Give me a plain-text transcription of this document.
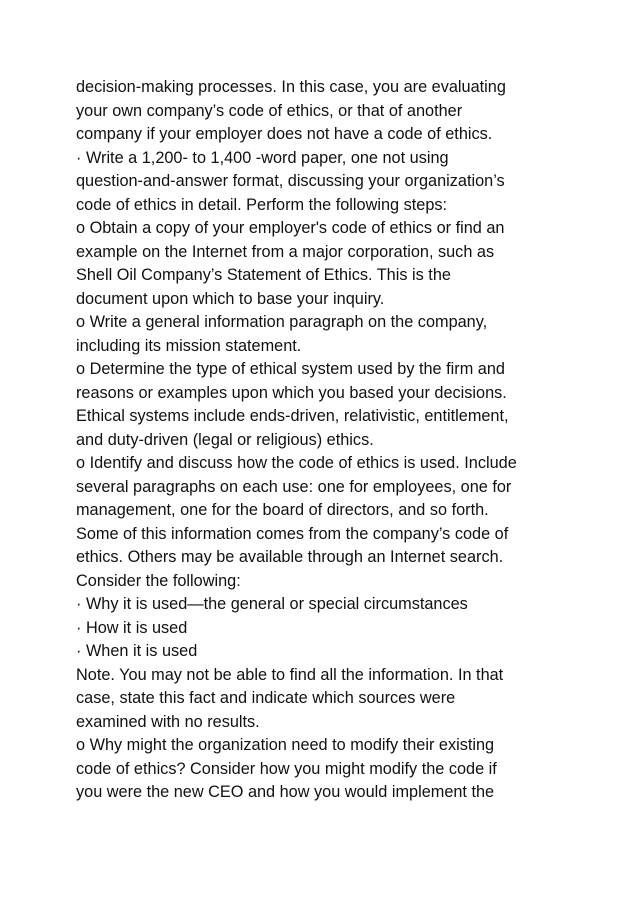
decision-making processes. In this case, you are evaluating
your own company’s code of ethics, or that of another
company if your employer does not have a code of ethics.
· Write a 1,200- to 1,400 -word paper, one not using
question-and-answer format, discussing your organization’s
code of ethics in detail. Perform the following steps:
o Obtain a copy of your employer's code of ethics or find an
example on the Internet from a major corporation, such as
Shell Oil Company’s Statement of Ethics. This is the
document upon which to base your inquiry.
o Write a general information paragraph on the company,
including its mission statement.
o Determine the type of ethical system used by the firm and
reasons or examples upon which you based your decisions.
Ethical systems include ends-driven, relativistic, entitlement,
and duty-driven (legal or religious) ethics.
o Identify and discuss how the code of ethics is used. Include
several paragraphs on each use: one for employees, one for
management, one for the board of directors, and so forth.
Some of this information comes from the company’s code of
ethics. Others may be available through an Internet search.
Consider the following:
· Why it is used—the general or special circumstances
· How it is used
· When it is used
Note. You may not be able to find all the information. In that
case, state this fact and indicate which sources were
examined with no results.
o Why might the organization need to modify their existing
code of ethics? Consider how you might modify the code if
you were the new CEO and how you would implement the
